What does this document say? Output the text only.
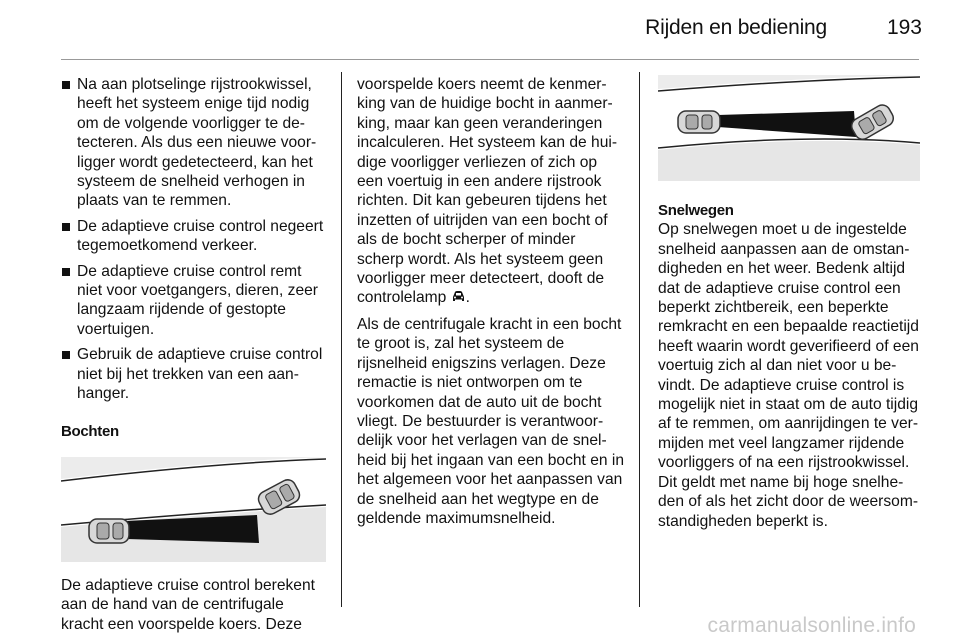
Rijden en bediening	193
Na aan plotselinge rijstrookwissel, heeft het systeem enige tijd nodig om de volgende voorligger te de-tecteren. Als dus een nieuwe voor-ligger wordt gedetecteerd, kan het systeem de snelheid verhogen in plaats van te remmen.
De adaptieve cruise control negeert tegemoetkomend verkeer.
De adaptieve cruise control remt niet voor voetgangers, dieren, zeer langzaam rijdende of gestopte voertuigen.
Gebruik de adaptieve cruise control niet bij het trekken van een aan-hanger.
Bochten

De adaptieve cruise control berekent aan de hand van de centrifugale kracht een voorspelde koers. Deze

voorspelde koers neemt de kenmer-king van de huidige bocht in aanmer-king, maar kan geen veranderingen incalculeren. Het systeem kan de hui-dige voorligger verliezen of zich op een voertuig in een andere rijstrook richten. Dit kan gebeuren tijdens het inzetten of uitrijden van een bocht of als de bocht scherper of minder scherp wordt. Als het systeem geen voorligger meer detecteert, dooft de controlelamp .

Als de centrifugale kracht in een bocht te groot is, zal het systeem de rijsnelheid enigszins verlagen. Deze remactie is niet ontworpen om te voorkomen dat de auto uit de bocht vliegt. De bestuurder is verantwoor-delijk voor het verlagen van de snel-heid bij het ingaan van een bocht en in het algemeen voor het aanpassen van de snelheid aan het wegtype en de geldende maximumsnelheid.

Snelwegen

Op snelwegen moet u de ingestelde snelheid aanpassen aan de omstan-digheden en het weer. Bedenk altijd dat de adaptieve cruise control een beperkt zichtbereik, een beperkte remkracht en een bepaalde reactietijd heeft waarin wordt geverifieerd of een voertuig zich al dan niet voor u be-vindt. De adaptieve cruise control is mogelijk niet in staat om de auto tijdig af te remmen, om aanrijdingen te ver-mijden met veel langzamer rijdende voorliggers of na een rijstrookwissel. Dit geldt met name bij hoge snelhe-den of als het zicht door de weersom-standigheden beperkt is.

carmanualsonline.info
